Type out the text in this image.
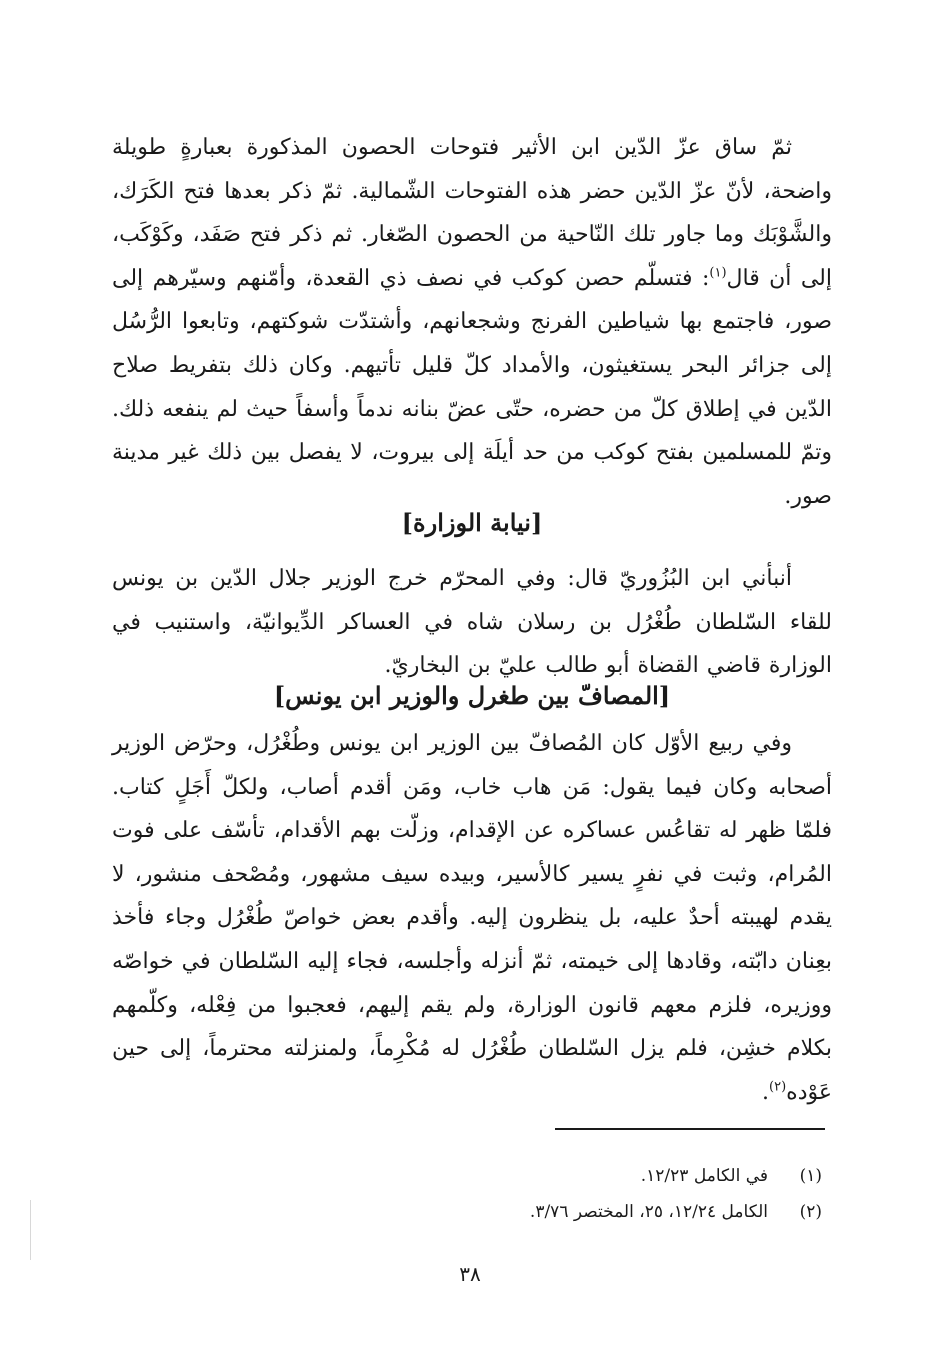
ثمّ ساق عزّ الدّين ابن الأثير فتوحات الحصون المذكورة بعبارةٍ طويلة واضحة، لأنّ عزّ الدّين حضر هذه الفتوحات الشّمالية. ثمّ ذكر بعدها فتح الكَرَك، والشَّوْبَك وما جاور تلك النّاحية من الحصون الصّغار. ثم ذكر فتح صَفَد، وكَوْكَب، إلى أن قال$^{(١)}$: فتسلّم حصن كوكب في نصف ذي القعدة، وأمّنهم وسيّرهم إلى صور، فاجتمع بها شياطين الفرنج وشجعانهم، وأشتدّت شوكتهم، وتابعوا الرُّسُل إلى جزائر البحر يستغيثون، والأمداد كلّ قليل تأتيهم. وكان ذلك بتفريط صلاح الدّين في إطلاق كلّ من حضره، حتّى عضّ بنانه ندماً وأسفاً حيث لم ينفعه ذلك. وتمّ للمسلمين بفتح كوكب من حد أيلَة إلى بيروت، لا يفصل بين ذلك غير مدينة صور.

[نيابة الوزارة]

أنبأني ابن البُزُوريّ قال: وفي المحرّم خرج الوزير جلال الدّين بن يونس للقاء السّلطان طُغْرُل بن رسلان شاه في العساكر الدِّيوانيّة، واستنيب في الوزارة قاضي القضاة أبو طالب عليّ بن البخاريّ.

[المصافّ بين طغرل والوزير ابن يونس]

وفي ربيع الأوّل كان المُصافّ بين الوزير ابن يونس وطُغْرُل، وحرّض الوزير أصحابه وكان فيما يقول: مَن هاب خاب، ومَن أقدم أصاب، ولكلّ أَجَلٍ كتاب. فلمّا ظهر له تقاعُس عساكره عن الإقدام، وزلّت بهم الأقدام، تأسّف على فوت المُرام، وثبت في نفرٍ يسير كالأسير، وبيده سيف مشهور، ومُصْحف منشور، لا يقدم لهيبته أحدٌ عليه، بل ينظرون إليه. وأقدم بعض خواصّ طُغْرُل وجاء فأخذ بعِنان دابّته، وقادها إلى خيمته، ثمّ أنزله وأجلسه، فجاء إليه السّلطان في خواصّه ووزيره، فلزم معهم قانون الوزارة، ولم يقم إليهم، فعجبوا من فِعْله، وكلّمهم بكلام خشِن، فلم يزل السّلطان طُغْرُل له مُكْرِماً، ولمنزلته محترماً، إلى حين عَوْده$^{(٢)}$.

(١)
في الكامل ١٢/٢٣.
(٢)
الكامل ١٢/٢٤، ٢٥، المختصر ٣/٧٦.
٣٨
